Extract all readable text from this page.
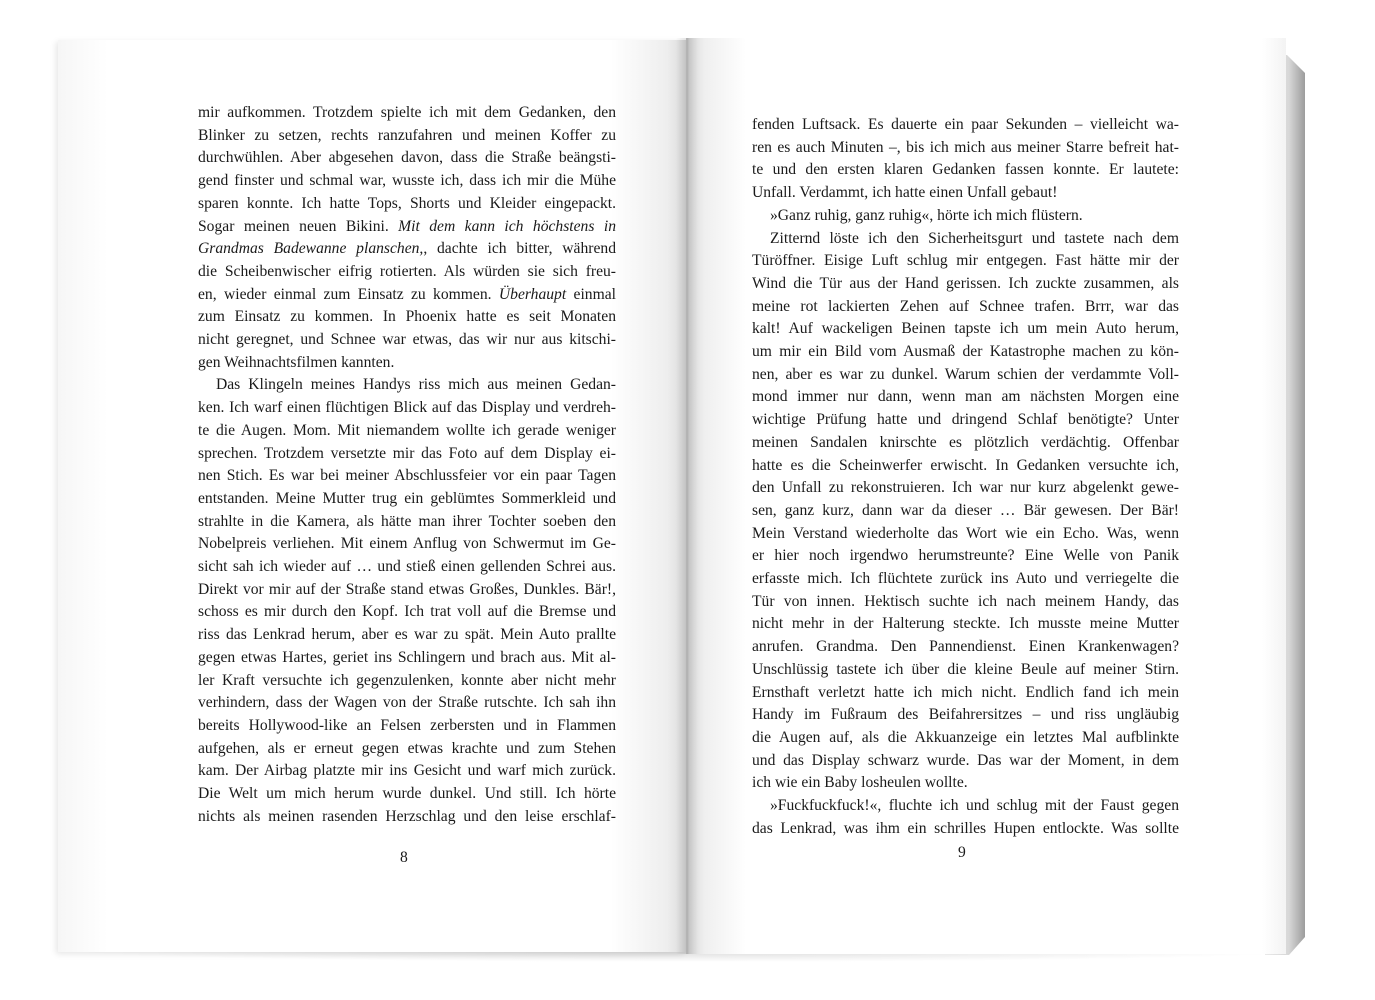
mir aufkommen. Trotzdem spielte ich mit dem Gedanken, den
Blinker zu setzen, rechts ranzufahren und meinen Koffer zu
durchwühlen. Aber abgesehen davon, dass die Straße beängsti-
gend finster und schmal war, wusste ich, dass ich mir die Mühe
sparen konnte. Ich hatte Tops, Shorts und Kleider eingepackt.
Sogar meinen neuen Bikini. Mit dem kann ich höchstens in
Grandmas Badewanne planschen,, dachte ich bitter, während
die Scheibenwischer eifrig rotierten. Als würden sie sich freu-
en, wieder einmal zum Einsatz zu kommen. Überhaupt einmal
zum Einsatz zu kommen. In Phoenix hatte es seit Monaten
nicht geregnet, und Schnee war etwas, das wir nur aus kitschi-
gen Weihnachtsfilmen kannten.
Das Klingeln meines Handys riss mich aus meinen Gedan-
ken. Ich warf einen flüchtigen Blick auf das Display und verdreh-
te die Augen. Mom. Mit niemandem wollte ich gerade weniger
sprechen. Trotzdem versetzte mir das Foto auf dem Display ei-
nen Stich. Es war bei meiner Abschlussfeier vor ein paar Tagen
entstanden. Meine Mutter trug ein geblümtes Sommerkleid und
strahlte in die Kamera, als hätte man ihrer Tochter soeben den
Nobelpreis verliehen. Mit einem Anflug von Schwermut im Ge-
sicht sah ich wieder auf … und stieß einen gellenden Schrei aus.
Direkt vor mir auf der Straße stand etwas Großes, Dunkles. Bär!,
schoss es mir durch den Kopf. Ich trat voll auf die Bremse und
riss das Lenkrad herum, aber es war zu spät. Mein Auto prallte
gegen etwas Hartes, geriet ins Schlingern und brach aus. Mit al-
ler Kraft versuchte ich gegenzulenken, konnte aber nicht mehr
verhindern, dass der Wagen von der Straße rutschte. Ich sah ihn
bereits Hollywood-like an Felsen zerbersten und in Flammen
aufgehen, als er erneut gegen etwas krachte und zum Stehen
kam. Der Airbag platzte mir ins Gesicht und warf mich zurück.
Die Welt um mich herum wurde dunkel. Und still. Ich hörte
nichts als meinen rasenden Herzschlag und den leise erschlaf-
8
fenden Luftsack. Es dauerte ein paar Sekunden – vielleicht wa-
ren es auch Minuten –, bis ich mich aus meiner Starre befreit hat-
te und den ersten klaren Gedanken fassen konnte. Er lautete:
Unfall. Verdammt, ich hatte einen Unfall gebaut!
»Ganz ruhig, ganz ruhig«, hörte ich mich flüstern.
Zitternd löste ich den Sicherheitsgurt und tastete nach dem
Türöffner. Eisige Luft schlug mir entgegen. Fast hätte mir der
Wind die Tür aus der Hand gerissen. Ich zuckte zusammen, als
meine rot lackierten Zehen auf Schnee trafen. Brrr, war das
kalt! Auf wackeligen Beinen tapste ich um mein Auto herum,
um mir ein Bild vom Ausmaß der Katastrophe machen zu kön-
nen, aber es war zu dunkel. Warum schien der verdammte Voll-
mond immer nur dann, wenn man am nächsten Morgen eine
wichtige Prüfung hatte und dringend Schlaf benötigte? Unter
meinen Sandalen knirschte es plötzlich verdächtig. Offenbar
hatte es die Scheinwerfer erwischt. In Gedanken versuchte ich,
den Unfall zu rekonstruieren. Ich war nur kurz abgelenkt gewe-
sen, ganz kurz, dann war da dieser … Bär gewesen. Der Bär!
Mein Verstand wiederholte das Wort wie ein Echo. Was, wenn
er hier noch irgendwo herumstreunte? Eine Welle von Panik
erfasste mich. Ich flüchtete zurück ins Auto und verriegelte die
Tür von innen. Hektisch suchte ich nach meinem Handy, das
nicht mehr in der Halterung steckte. Ich musste meine Mutter
anrufen. Grandma. Den Pannendienst. Einen Krankenwagen?
Unschlüssig tastete ich über die kleine Beule auf meiner Stirn.
Ernsthaft verletzt hatte ich mich nicht. Endlich fand ich mein
Handy im Fußraum des Beifahrersitzes – und riss ungläubig
die Augen auf, als die Akkuanzeige ein letztes Mal aufblinkte
und das Display schwarz wurde. Das war der Moment, in dem
ich wie ein Baby losheulen wollte.
»Fuckfuckfuck!«, fluchte ich und schlug mit der Faust gegen
das Lenkrad, was ihm ein schrilles Hupen entlockte. Was sollte
9
